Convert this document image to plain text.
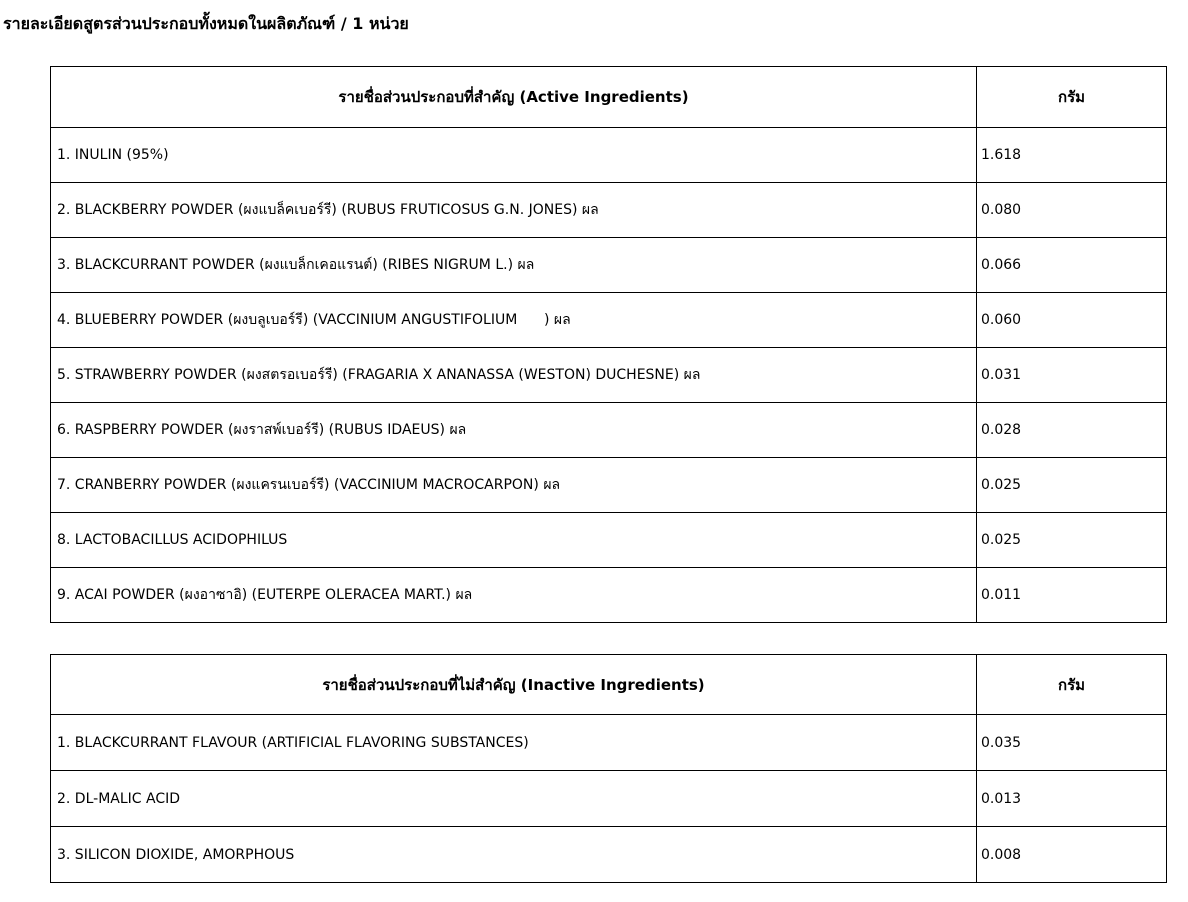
รายละเอียดสูตรส่วนประกอบทั้งหมดในผลิตภัณฑ์ / 1 หน่วย
รายชื่อส่วนประกอบที่สำคัญ (Active Ingredients)	กรัม
1. INULIN (95%)	1.618
2. BLACKBERRY POWDER (ผงแบล็คเบอร์รี) (RUBUS FRUTICOSUS G.N. JONES) ผล	0.080
3. BLACKCURRANT POWDER (ผงแบล็กเคอแรนต์) (RIBES NIGRUM L.) ผล	0.066
4. BLUEBERRY POWDER (ผงบลูเบอร์รี) (VACCINIUM ANGUSTIFOLIUM      ) ผล	0.060
5. STRAWBERRY POWDER (ผงสตรอเบอร์รี) (FRAGARIA X ANANASSA (WESTON) DUCHESNE) ผล	0.031
6. RASPBERRY POWDER (ผงราสพ์เบอร์รี) (RUBUS IDAEUS) ผล	0.028
7. CRANBERRY POWDER (ผงแครนเบอร์รี) (VACCINIUM MACROCARPON) ผล	0.025
8. LACTOBACILLUS ACIDOPHILUS	0.025
9. ACAI POWDER (ผงอาซาอิ) (EUTERPE OLERACEA MART.) ผล	0.011
รายชื่อส่วนประกอบที่ไม่สำคัญ (Inactive Ingredients)	กรัม
1. BLACKCURRANT FLAVOUR (ARTIFICIAL FLAVORING SUBSTANCES)	0.035
2. DL-MALIC ACID	0.013
3. SILICON DIOXIDE, AMORPHOUS	0.008
